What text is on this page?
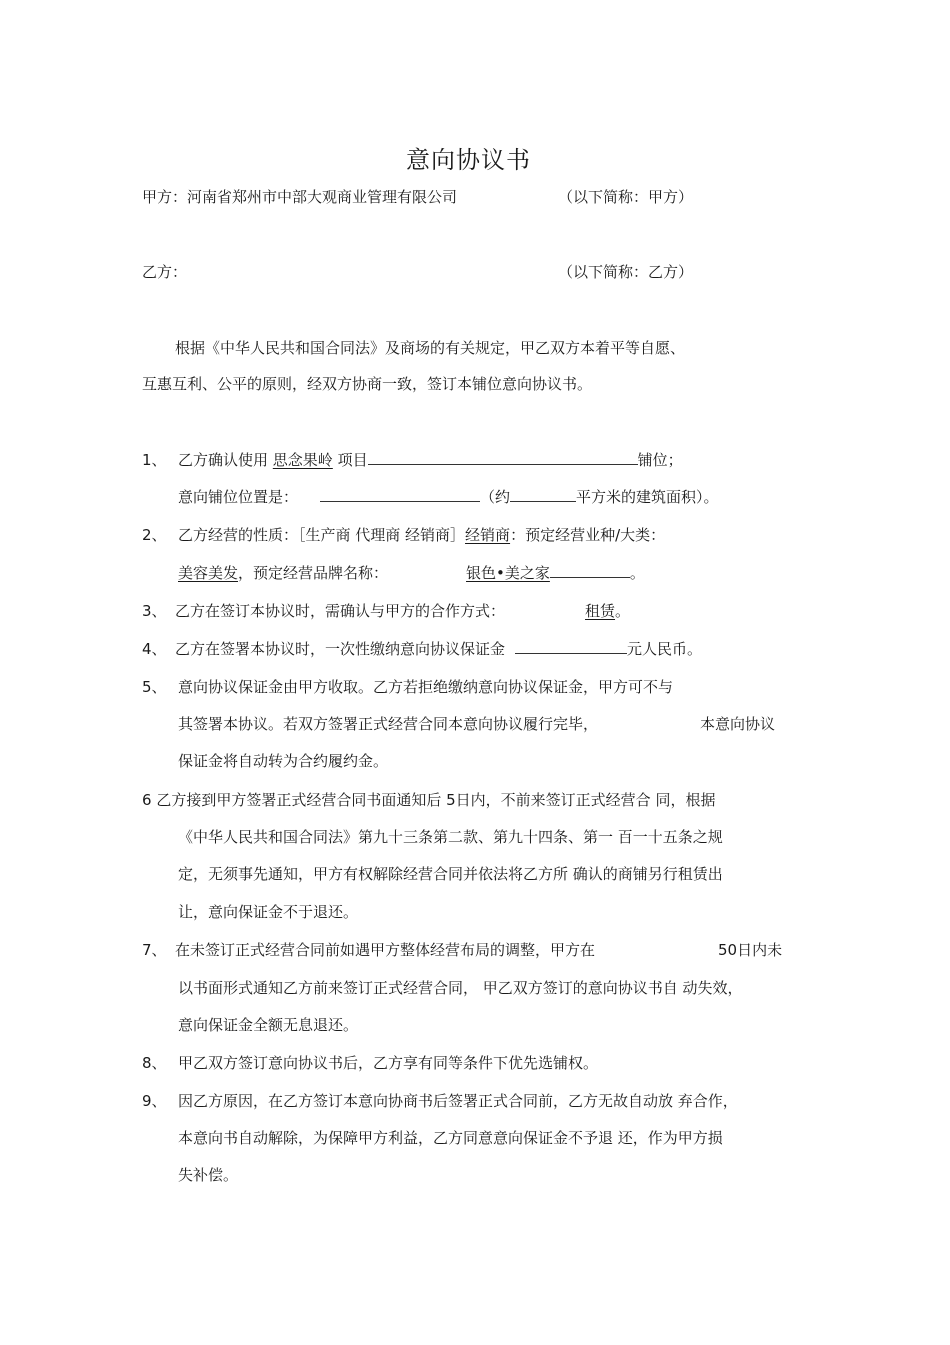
意向协议书
甲方：河南省郑州市中部大观商业管理有限公司	（以下简称：甲方）
乙方：	（以下简称：乙方）
根据《中华人民共和国合同法》及商场的有关规定，甲乙双方本着平等自愿、
互惠互利、公平的原则，经双方协商一致，签订本铺位意向协议书。
1、 乙方确认使用 思念果岭 项目	铺位；
意向铺位位置是：	（约	平方米的建筑面积）。
2、 乙方经营的性质：［生产商 代理商 经销商］经销商：预定经营业种/大类：
美容美发，预定经营品牌名称：	银色•美之家	。
3、 乙方在签订本协议时，需确认与甲方的合作方式：	租赁。
4、 乙方在签署本协议时，一次性缴纳意向协议保证金	元人民币。
5、 意向协议保证金由甲方收取。乙方若拒绝缴纳意向协议保证金，甲方可不与
其签署本协议。若双方签署正式经营合同本意向协议履行完毕，	本意向协议
保证金将自动转为合约履约金。
6 乙方接到甲方签署正式经营合同书面通知后 5日内，不前来签订正式经营合 同，根据
《中华人民共和国合同法》第九十三条第二款、第九十四条、第一 百一十五条之规
定，无须事先通知，甲方有权解除经营合同并依法将乙方所 确认的商铺另行租赁出
让，意向保证金不于退还。
7、 在未签订正式经营合同前如遇甲方整体经营布局的调整，甲方在	50日内未
以书面形式通知乙方前来签订正式经营合同， 甲乙双方签订的意向协议书自 动失效，
意向保证金全额无息退还。
8、 甲乙双方签订意向协议书后，乙方享有同等条件下优先选铺权。
9、 因乙方原因，在乙方签订本意向协商书后签署正式合同前，乙方无故自动放 弃合作，
本意向书自动解除，为保障甲方利益，乙方同意意向保证金不予退 还，作为甲方损
失补偿。
